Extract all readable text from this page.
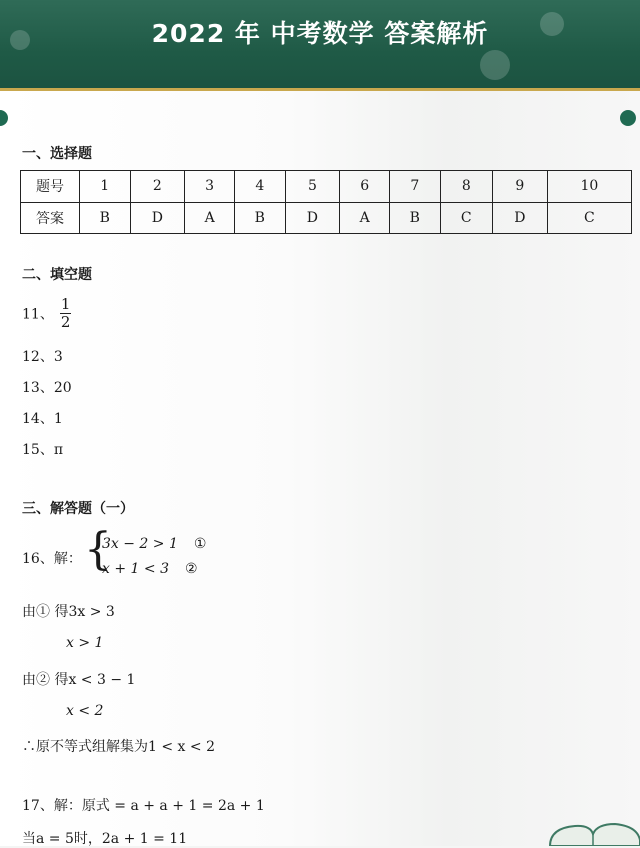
2022 年 中考数学 答案解析
一、选择题
题号	1	2	3	4	5	6	7	8	9	10
答案	B	D	A	B	D	A	B	C	D	C
二、填空题
11、 $\frac{1}{2}$
12、3
13、20
14、1
15、π
三、解答题（一）
16、解： {
3x − 2 > 1 ①
x + 1 < 3 ②
由① 得3x > 3
x > 1
由② 得x < 3 − 1
x < 2
∴原不等式组解集为1 < x < 2
17、解：原式 = a + a + 1 = 2a + 1
当a = 5时，2a + 1 = 11
